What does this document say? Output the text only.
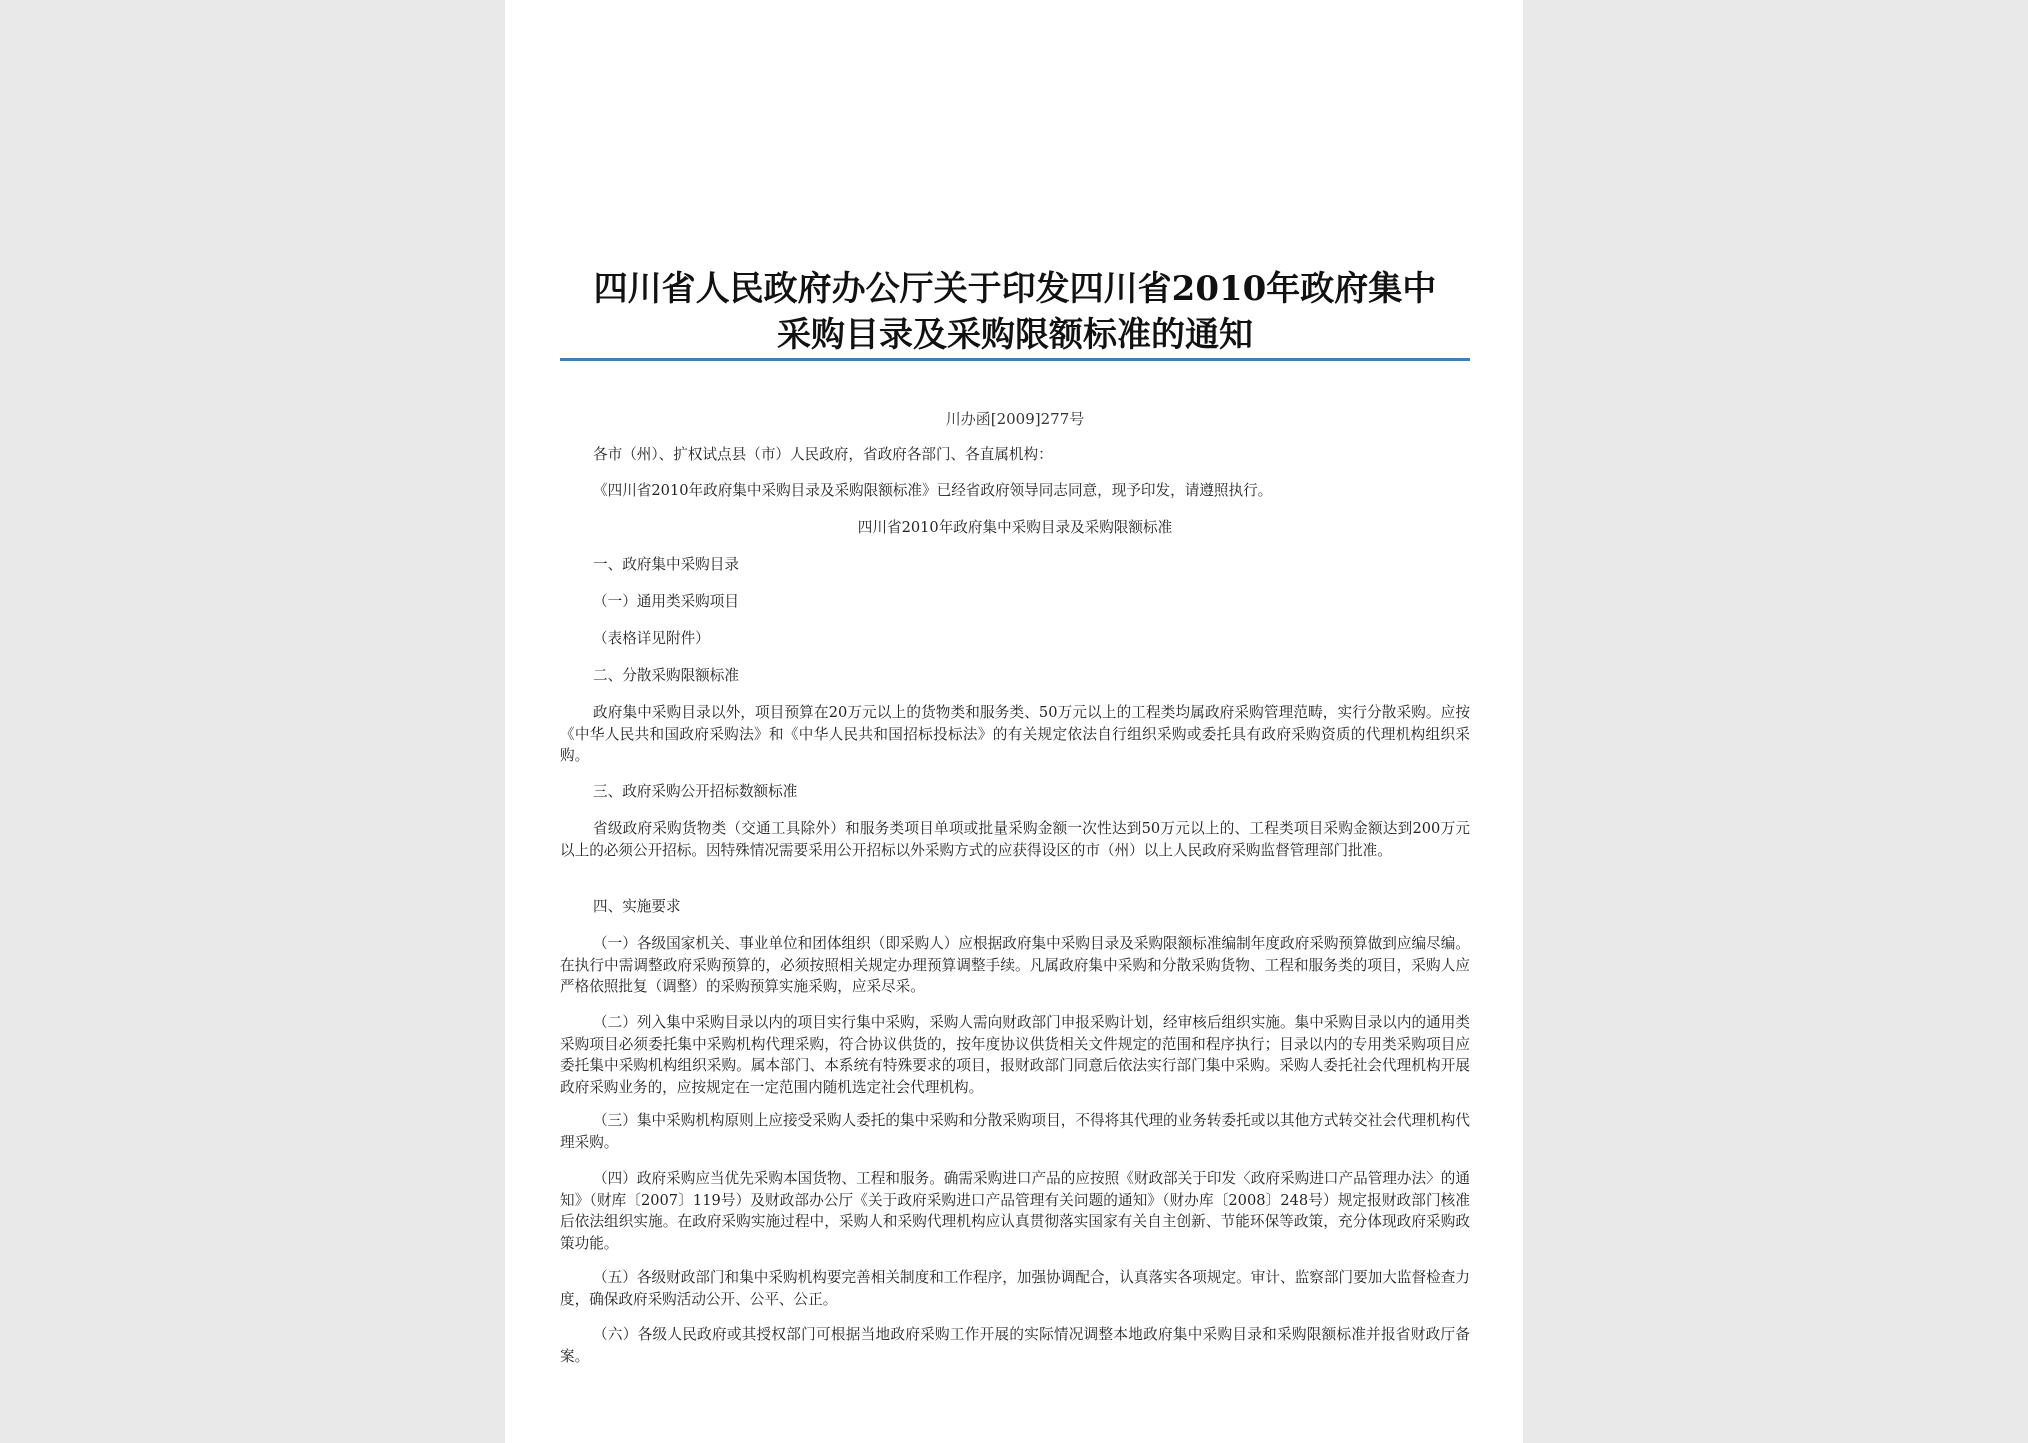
四川省人民政府办公厅关于印发四川省2010年政府集中
采购目录及采购限额标准的通知
川办函[2009]277号

各市（州）、扩权试点县（市）人民政府，省政府各部门、各直属机构：

《四川省2010年政府集中采购目录及采购限额标准》已经省政府领导同志同意，现予印发，请遵照执行。

四川省2010年政府集中采购目录及采购限额标准

一、政府集中采购目录

（一）通用类采购项目

（表格详见附件）

二、分散采购限额标准

政府集中采购目录以外，项目预算在20万元以上的货物类和服务类、50万元以上的工程类均属政府采购管理范畴，实行分散采购。应按《中华人民共和国政府采购法》和《中华人民共和国招标投标法》的有关规定依法自行组织采购或委托具有政府采购资质的代理机构组织采购。

三、政府采购公开招标数额标准

省级政府采购货物类（交通工具除外）和服务类项目单项或批量采购金额一次性达到50万元以上的、工程类项目采购金额达到200万元以上的必须公开招标。因特殊情况需要采用公开招标以外采购方式的应获得设区的市（州）以上人民政府采购监督管理部门批准。

四、实施要求

（一）各级国家机关、事业单位和团体组织（即采购人）应根据政府集中采购目录及采购限额标准编制年度政府采购预算做到应编尽编。在执行中需调整政府采购预算的，必须按照相关规定办理预算调整手续。凡属政府集中采购和分散采购货物、工程和服务类的项目，采购人应严格依照批复（调整）的采购预算实施采购，应采尽采。

（二）列入集中采购目录以内的项目实行集中采购，采购人需向财政部门申报采购计划，经审核后组织实施。集中采购目录以内的通用类采购项目必须委托集中采购机构代理采购，符合协议供货的，按年度协议供货相关文件规定的范围和程序执行；目录以内的专用类采购项目应委托集中采购机构组织采购。属本部门、本系统有特殊要求的项目，报财政部门同意后依法实行部门集中采购。采购人委托社会代理机构开展政府采购业务的，应按规定在一定范围内随机选定社会代理机构。

（三）集中采购机构原则上应接受采购人委托的集中采购和分散采购项目，不得将其代理的业务转委托或以其他方式转交社会代理机构代理采购。

（四）政府采购应当优先采购本国货物、工程和服务。确需采购进口产品的应按照《财政部关于印发〈政府采购进口产品管理办法〉的通知》（财库〔2007〕119号）及财政部办公厅《关于政府采购进口产品管理有关问题的通知》（财办库〔2008〕248号）规定报财政部门核准后依法组织实施。在政府采购实施过程中，采购人和采购代理机构应认真贯彻落实国家有关自主创新、节能环保等政策，充分体现政府采购政策功能。

（五）各级财政部门和集中采购机构要完善相关制度和工作程序，加强协调配合，认真落实各项规定。审计、监察部门要加大监督检查力度，确保政府采购活动公开、公平、公正。

（六）各级人民政府或其授权部门可根据当地政府采购工作开展的实际情况调整本地政府集中采购目录和采购限额标准并报省财政厅备案。
